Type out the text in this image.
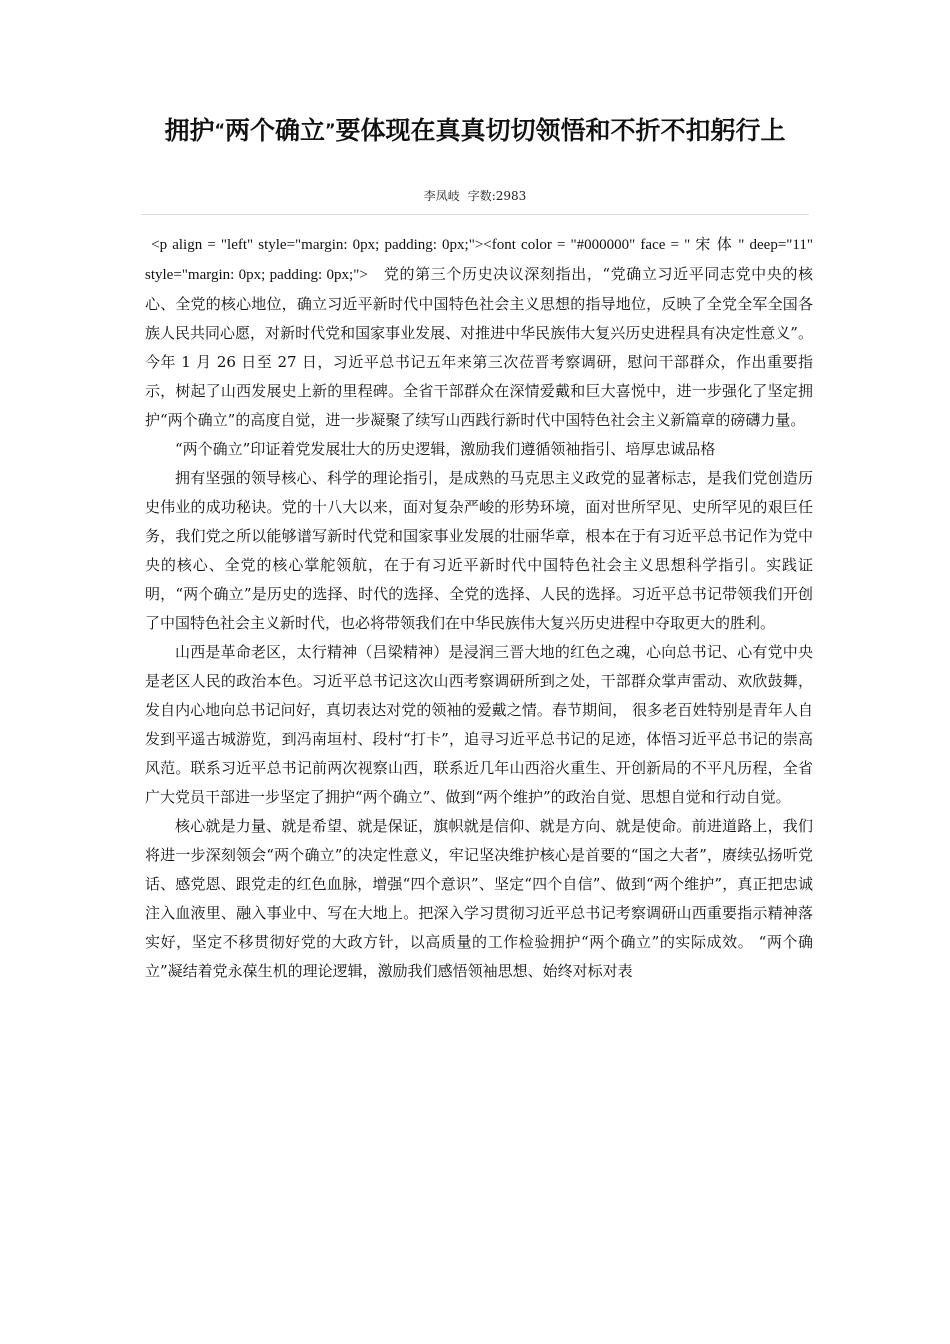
拥护“两个确立”要体现在真真切切领悟和不折不扣躬行上
李凤岐 字数:2983

<p align = "left" style="margin: 0px; padding: 0px;"><font color = "#000000" face = " 宋 体 " deep="11" style="margin: 0px; padding: 0px;"> 党的第三个历史决议深刻指出，“党确立习近平同志党中央的核心、全党的核心地位，确立习近平新时代中国特色社会主义思想的指导地位，反映了全党全军全国各族人民共同心愿，对新时代党和国家事业发展、对推进中华民族伟大复兴历史进程具有决定性意义”。今年 1 月 26 日至 27 日，习近平总书记五年来第三次莅晋考察调研，慰问干部群众，作出重要指示，树起了山西发展史上新的里程碑。全省干部群众在深情爱戴和巨大喜悦中，进一步强化了坚定拥护“两个确立”的高度自觉，进一步凝聚了续写山西践行新时代中国特色社会主义新篇章的磅礴力量。

“两个确立”印证着党发展壮大的历史逻辑，激励我们遵循领袖指引、培厚忠诚品格

拥有坚强的领导核心、科学的理论指引，是成熟的马克思主义政党的显著标志，是我们党创造历史伟业的成功秘诀。党的十八大以来，面对复杂严峻的形势环境，面对世所罕见、史所罕见的艰巨任务，我们党之所以能够谱写新时代党和国家事业发展的壮丽华章，根本在于有习近平总书记作为党中央的核心、全党的核心掌舵领航，在于有习近平新时代中国特色社会主义思想科学指引。实践证明，“两个确立”是历史的选择、时代的选择、全党的选择、人民的选择。习近平总书记带领我们开创了中国特色社会主义新时代，也必将带领我们在中华民族伟大复兴历史进程中夺取更大的胜利。

山西是革命老区，太行精神（吕梁精神）是浸润三晋大地的红色之魂，心向总书记、心有党中央是老区人民的政治本色。习近平总书记这次山西考察调研所到之处，干部群众掌声雷动、欢欣鼓舞，发自内心地向总书记问好，真切表达对党的领袖的爱戴之情。春节期间， 很多老百姓特别是青年人自发到平遥古城游览，到冯南垣村、段村“打卡”，追寻习近平总书记的足迹，体悟习近平总书记的崇高风范。联系习近平总书记前两次视察山西，联系近几年山西浴火重生、开创新局的不平凡历程，全省广大党员干部进一步坚定了拥护“两个确立”、做到“两个维护”的政治自觉、思想自觉和行动自觉。

核心就是力量、就是希望、就是保证，旗帜就是信仰、就是方向、就是使命。前进道路上，我们将进一步深刻领会“两个确立”的决定性意义，牢记坚决维护核心是首要的“国之大者”，赓续弘扬听党话、感党恩、跟党走的红色血脉，增强“四个意识”、坚定“四个自信”、做到“两个维护”，真正把忠诚注入血液里、融入事业中、写在大地上。把深入学习贯彻习近平总书记考察调研山西重要指示精神落实好，坚定不移贯彻好党的大政方针，以高质量的工作检验拥护“两个确立”的实际成效。 “两个确立”凝结着党永葆生机的理论逻辑，激励我们感悟领袖思想、始终对标对表
